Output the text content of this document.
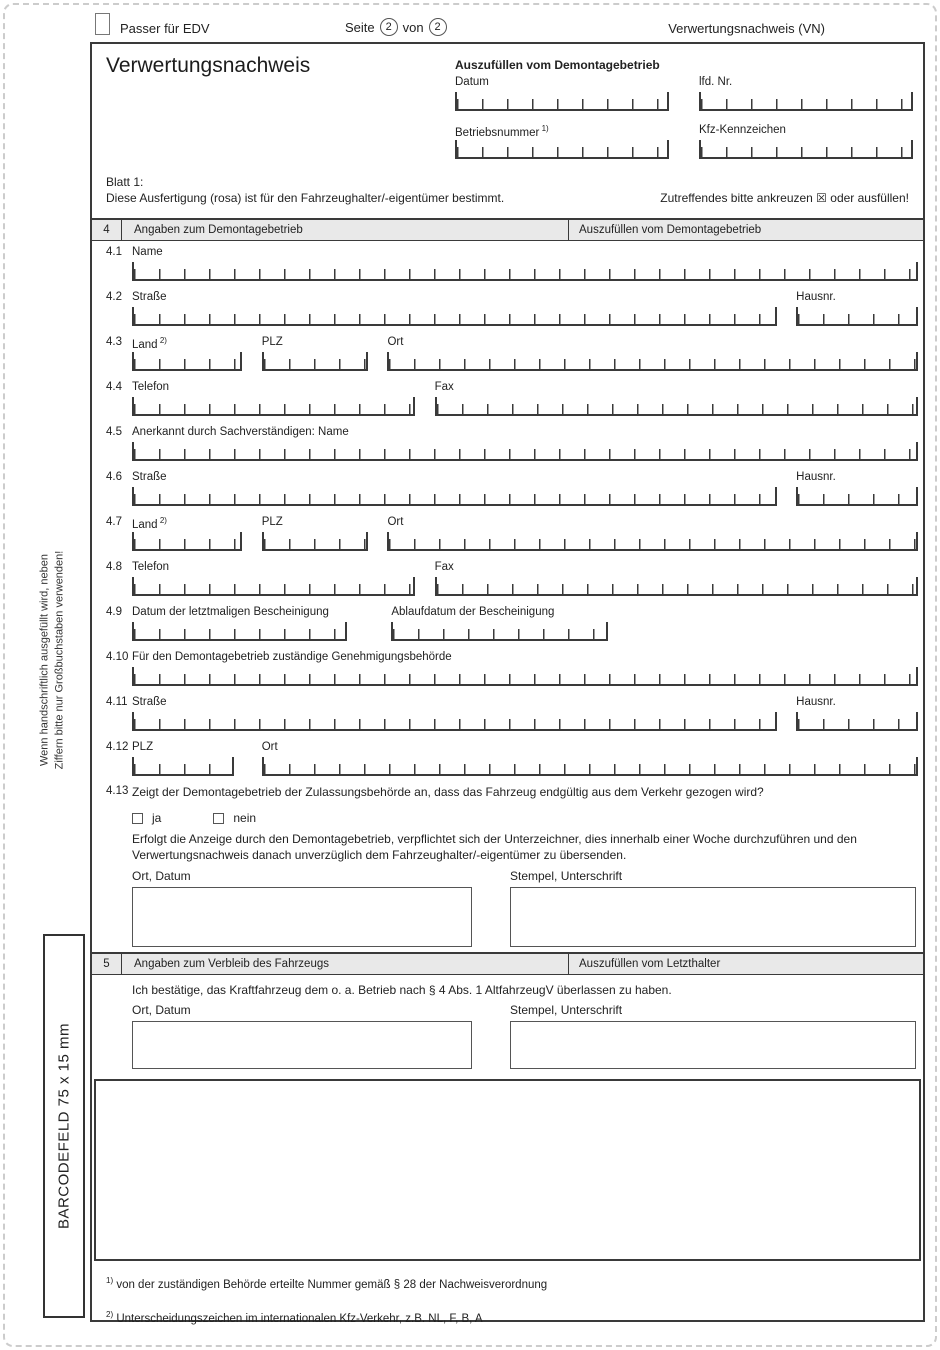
Passer für EDV	Seite 2 von 2	Verwertungsnachweis (VN)
Wenn handschriftlich ausgefüllt wird, neben Ziffern bitte nur Großbuchstaben verwenden!
BARCODEFELD 75 x 15 mm
Verwertungsnachweis	Auszufüllen vom Demontagebetrieb
Datum	lfd. Nr.
Betriebsnummer $^{1)}$	Kfz-Kennzeichen
Blatt 1:
Diese Ausfertigung (rosa) ist für den Fahrzeughalter/-eigentümer bestimmt.	Zutreffendes bitte ankreuzen ☒ oder ausfüllen!
4	Angaben zum Demontagebetrieb	Auszufüllen vom Demontagebetrieb
4.1 Name
4.2 Straße	Hausnr.
4.3 Land $^{2)}$	PLZ	Ort
4.4 Telefon	Fax
4.5 Anerkannt durch Sachverständigen: Name
4.6 Straße	Hausnr.
4.7 Land $^{2)}$	PLZ	Ort
4.8 Telefon	Fax
4.9 Datum der letztmaligen Bescheinigung	Ablaufdatum der Bescheinigung
4.10 Für den Demontagebetrieb zuständige Genehmigungsbehörde
4.11 Straße	Hausnr.
4.12 PLZ	Ort
4.13 Zeigt der Demontagebetrieb der Zulassungsbehörde an, dass das Fahrzeug endgültig aus dem Verkehr gezogen wird?
ja	nein
Erfolgt die Anzeige durch den Demontagebetrieb, verpflichtet sich der Unterzeichner, dies innerhalb einer Woche durchzuführen und den Verwertungsnachweis danach unverzüglich dem Fahrzeughalter/-eigentümer zu übersenden.
Ort, Datum	Stempel, Unterschrift
5	Angaben zum Verbleib des Fahrzeugs	Auszufüllen vom Letzthalter
Ich bestätige, das Kraftfahrzeug dem o. a. Betrieb nach § 4 Abs. 1 AltfahrzeugV überlassen zu haben.
Ort, Datum	Stempel, Unterschrift
$^{1)}$ von der zuständigen Behörde erteilte Nummer gemäß § 28 der Nachweisverordnung
$^{2)}$ Unterscheidungszeichen im internationalen Kfz-Verkehr, z.B. NL, F, B, A
